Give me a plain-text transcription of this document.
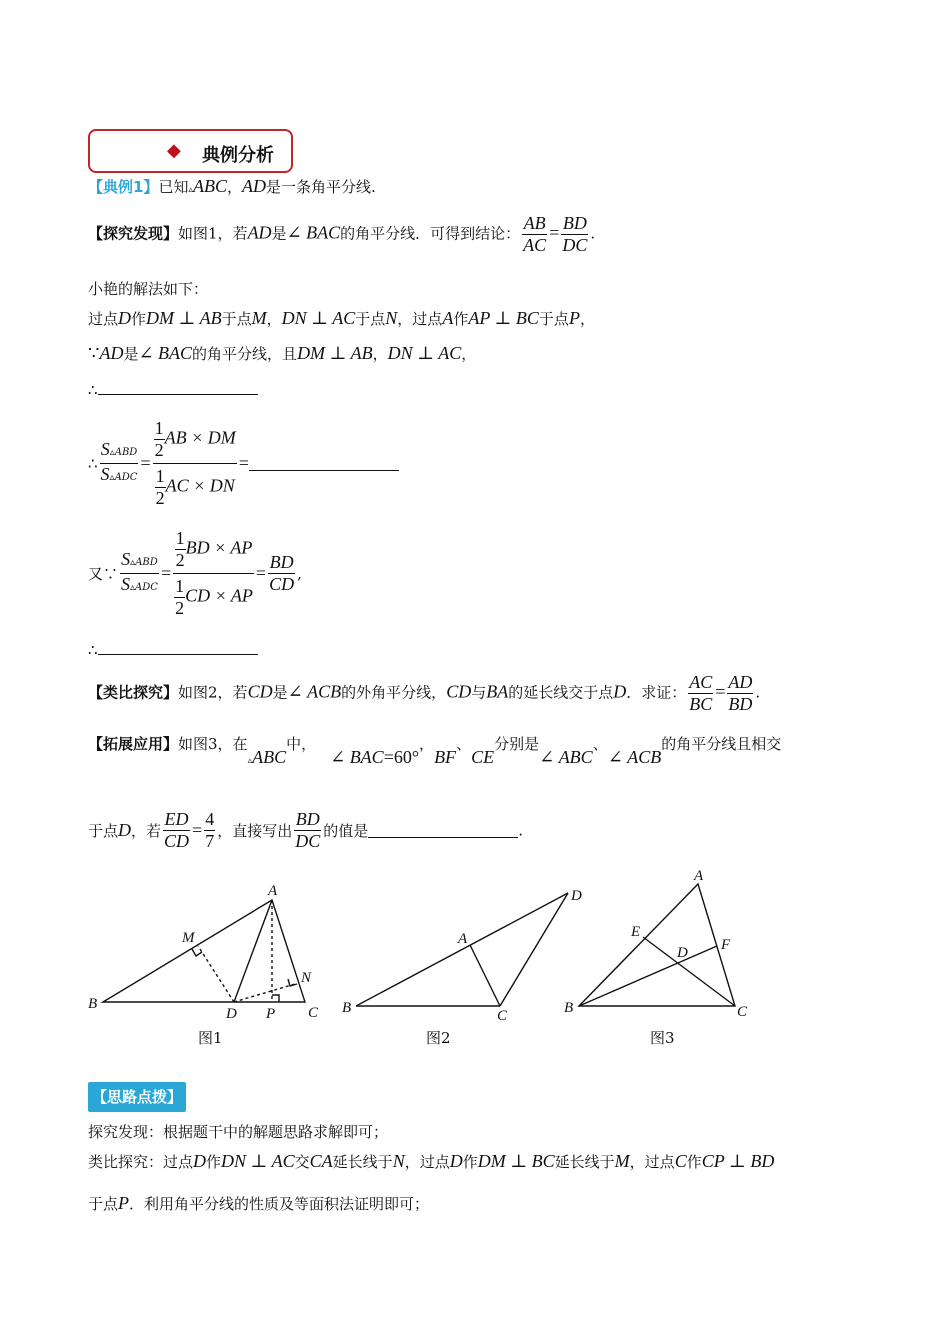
◆ 典例分析
【典例1】已知▵ABC，AD是一条角平分线.
【探究发现】如图1，若AD是∠ BAC的角平分线．可得到结论： $\frac{AB}{AC} = \frac{BD}{DC}$ .
小艳的解法如下：
过点D作DM ⊥ AB于点M，DN ⊥ AC于点N，过点A作AP ⊥ BC于点P，
∵AD是∠ BAC的角平分线，且DM ⊥ AB，DN ⊥ AC，
∴
∴ $\frac{\text{S▵ABD}}{\text{S▵ADC}} = \frac{\frac{1}{2} AB \times DM}{\frac{1}{2} AC \times DN}$ =
又∵ $\frac{\text{S▵ABD}}{\text{S▵ADC}} = \frac{\frac{1}{2} BD \times AP}{\frac{1}{2} CD \times AP} = \frac{BD}{CD}$ ,
∴
【类比探究】如图2，若CD是∠ ACB的外角平分线，CD与BA的延长线交于点D．求证： $\frac{AC}{BC} = \frac{AD}{BD}$ .
【拓展应用】如图3，在▵ABC中，∠ BAC=60°，BF、CE分别是∠ ABC、∠ ACB的角平分线且相交
于点D，若 $\frac{ED}{CD} = \frac{4}{7}$ ，直接写出 $\frac{BD}{DC}$ 的值是	.
A
B
C
D
M
N
P
图1
A
B	C
D
图2
A
B	C
D
E
F
图3
【思路点拨】
探究发现：根据题干中的解题思路求解即可；
类比探究：过点D作DN ⊥ AC交CA延长线于N，过点D作DM ⊥ BC延长线于M，过点C作CP ⊥ BD
于点P．利用角平分线的性质及等面积法证明即可；
